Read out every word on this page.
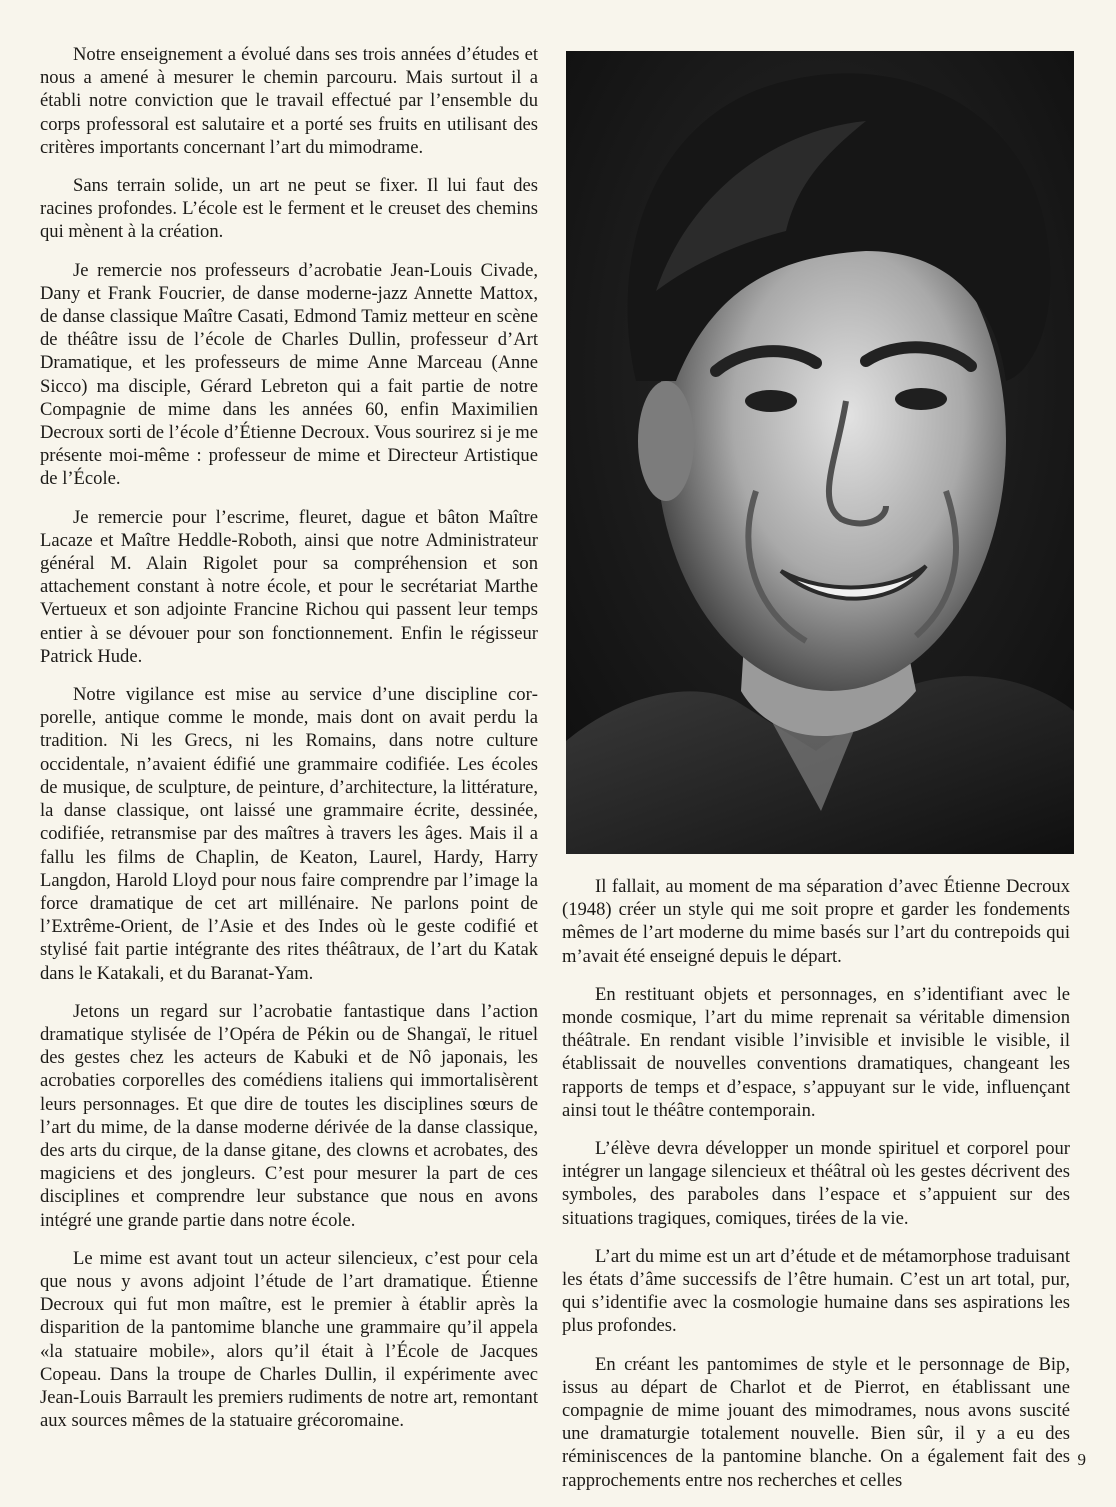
Notre enseignement a évolué dans ses trois années d’études et nous a amené à mesurer le chemin parcouru. Mais surtout il a établi notre conviction que le travail effectué par l’ensemble du corps professoral est salutaire et a porté ses fruits en utilisant des critères importants concernant l’art du mimodrame.

Sans terrain solide, un art ne peut se fixer. Il lui faut des racines profondes. L’école est le ferment et le creuset des chemins qui mènent à la création.

Je remercie nos professeurs d’acrobatie Jean-Louis Civade, Dany et Frank Foucrier, de danse moderne-jazz Annette Mattox, de danse classique Maître Casati, Edmond Tamiz metteur en scène de théâtre issu de l’école de Charles Dullin, professeur d’Art Dramatique, et les professeurs de mime Anne Marceau (Anne Sicco) ma disciple, Gérard Lebreton qui a fait partie de notre Compagnie de mime dans les années 60, enfin Maximilien Decroux sorti de l’école d’Étienne Decroux. Vous sourirez si je me présente moi-même : professeur de mime et Directeur Artistique de l’École.

Je remercie pour l’escrime, fleuret, dague et bâton Maître Lacaze et Maître Heddle-Roboth, ainsi que notre Administrateur général M. Alain Rigolet pour sa compréhension et son attachement constant à notre école, et pour le secrétariat Marthe Vertueux et son adjointe Francine Richou qui passent leur temps entier à se dévouer pour son fonctionnement. Enfin le régisseur Patrick Hude.

Notre vigilance est mise au service d’une discipline corporelle, antique comme le monde, mais dont on avait perdu la tradition. Ni les Grecs, ni les Romains, dans notre culture occidentale, n’avaient édifié une grammaire codifiée. Les écoles de musique, de sculpture, de peinture, d’architecture, la littérature, la danse classique, ont laissé une grammaire écrite, dessinée, codifiée, retransmise par des maîtres à travers les âges. Mais il a fallu les films de Chaplin, de Keaton, Laurel, Hardy, Harry Langdon, Harold Lloyd pour nous faire comprendre par l’image la force dramatique de cet art millénaire. Ne parlons point de l’Extrême-Orient, de l’Asie et des Indes où le geste codifié et stylisé fait partie intégrante des rites théâtraux, de l’art du Katak dans le Katakali, et du Baranat-Yam.

Jetons un regard sur l’acrobatie fantastique dans l’action dramatique stylisée de l’Opéra de Pékin ou de Shangaï, le rituel des gestes chez les acteurs de Kabuki et de Nô japonais, les acrobaties corporelles des comédiens italiens qui immortalisèrent leurs personnages. Et que dire de toutes les disciplines sœurs de l’art du mime, de la danse moderne dérivée de la danse classique, des arts du cirque, de la danse gitane, des clowns et acrobates, des magiciens et des jongleurs. C’est pour mesurer la part de ces disciplines et comprendre leur substance que nous en avons intégré une grande partie dans notre école.

Le mime est avant tout un acteur silencieux, c’est pour cela que nous y avons adjoint l’étude de l’art dramatique. Étienne Decroux qui fut mon maître, est le premier à établir après la disparition de la pantomime blanche une grammaire qu’il appela «la statuaire mobile», alors qu’il était à l’École de Jacques Copeau. Dans la troupe de Charles Dullin, il expérimente avec Jean-Louis Barrault les premiers rudiments de notre art, remontant aux sources mêmes de la statuaire grécoromaine.

Il fallait, au moment de ma séparation d’avec Étienne Decroux (1948) créer un style qui me soit propre et garder les fondements mêmes de l’art moderne du mime basés sur l’art du contrepoids qui m’avait été enseigné depuis le départ.

En restituant objets et personnages, en s’identifiant avec le monde cosmique, l’art du mime reprenait sa véritable dimension théâtrale. En rendant visible l’invisible et invisible le visible, il établissait de nouvelles conventions dramatiques, changeant les rapports de temps et d’espace, s’appuyant sur le vide, influençant ainsi tout le théâtre contemporain.

L’élève devra développer un monde spirituel et corporel pour intégrer un langage silencieux et théâtral où les gestes décrivent des symboles, des paraboles dans l’espace et s’appuient sur des situations tragiques, comiques, tirées de la vie.

L’art du mime est un art d’étude et de métamorphose traduisant les états d’âme successifs de l’être humain. C’est un art total, pur, qui s’identifie avec la cosmologie humaine dans ses aspirations les plus profondes.

En créant les pantomimes de style et le personnage de Bip, issus au départ de Charlot et de Pierrot, en établissant une compagnie de mime jouant des mimodrames, nous avons suscité une dramaturgie totalement nouvelle. Bien sûr, il y a eu des réminiscences de la pantomine blanche. On a également fait des rapprochements entre nos recherches et celles

9
